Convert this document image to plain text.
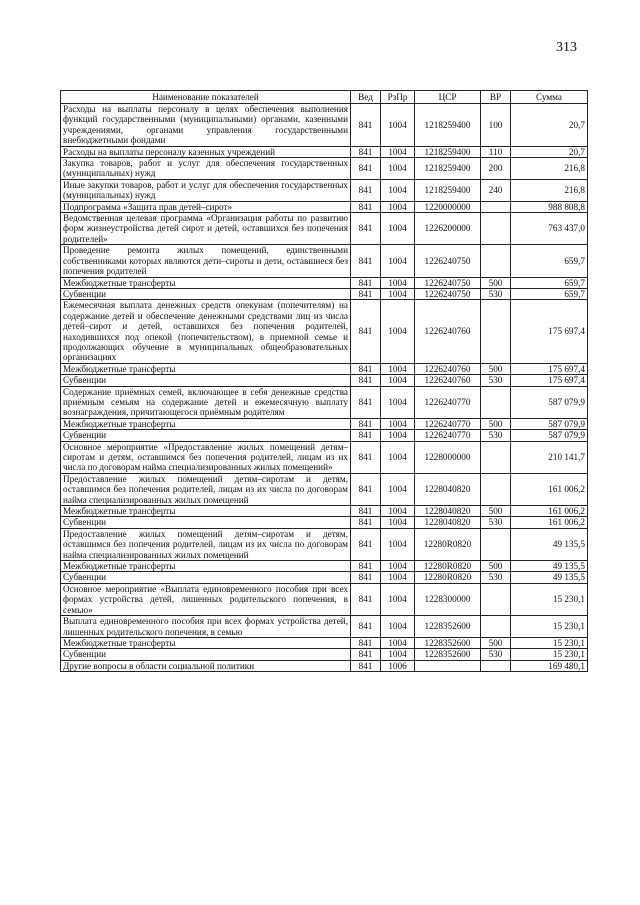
313
Наименование показателей	Вед	РзПр	ЦСР	ВР	Сумма
Расходы на выплаты персоналу в целях обеспечения выполнения функций государственными (муниципальными) органами, казенными учреждениями, органами управления государственными внебюджетными фондами	841	1004	1218259400	100	20,7
Расходы на выплаты персоналу казенных учреждений	841	1004	1218259400	110	20,7
Закупка товаров, работ и услуг для обеспечения государственных (муниципальных) нужд	841	1004	1218259400	200	216,8
Иные закупки товаров, работ и услуг для обеспечения государственных (муниципальных) нужд	841	1004	1218259400	240	216,8
Подпрограмма «Защита прав детей–сирот»	841	1004	1220000000		988 808,8
Ведомственная целевая программа «Организация работы по развитию форм жизнеустройства детей сирот и детей, оставшихся без попечения родителей»	841	1004	1226200000		763 437,0
Проведение ремонта жилых помещений, единственными собственниками которых являются дети–сироты и дети, оставшиеся без попечения родителей	841	1004	1226240750		659,7
Межбюджетные трансферты	841	1004	1226240750	500	659,7
Субвенции	841	1004	1226240750	530	659,7
Ежемесячная выплата денежных средств опекунам (попечителям) на содержание детей и обеспечение денежными средствами лиц из числа детей–сирот и детей, оставшихся без попечения родителей, находившихся под опекой (попечительством), в приемной семье и продолжающих обучение в муниципальных общеобразовательных организациях	841	1004	1226240760		175 697,4
Межбюджетные трансферты	841	1004	1226240760	500	175 697,4
Субвенции	841	1004	1226240760	530	175 697,4
Содержание приёмных семей, включающее в себя денежные средства приёмным семьям на содержание детей и ежемесячную выплату вознаграждения, причитающегося приёмным родителям	841	1004	1226240770		587 079,9
Межбюджетные трансферты	841	1004	1226240770	500	587 079,9
Субвенции	841	1004	1226240770	530	587 079,9
Основное мероприятие «Предоставление жилых помещений детям–сиротам и детям, оставшимся без попечения родителей, лицам из их числа по договорам найма специализированных жилых помещений»	841	1004	1228000000		210 141,7
Предоставление жилых помещений детям–сиротам и детям, оставшимся без попечения родителей, лицам из их числа по договорам найма специализированных жилых помещений	841	1004	1228040820		161 006,2
Межбюджетные трансферты	841	1004	1228040820	500	161 006,2
Субвенции	841	1004	1228040820	530	161 006,2
Предоставление жилых помещений детям–сиротам и детям, оставшимся без попечения родителей, лицам из их числа по договорам найма специализированных жилых помещений	841	1004	12280R0820		49 135,5
Межбюджетные трансферты	841	1004	12280R0820	500	49 135,5
Субвенции	841	1004	12280R0820	530	49 135,5
Основное мероприятие «Выплата единовременного пособия при всех формах устройства детей, лишенных родительского попечения, в семью»	841	1004	1228300000		15 230,1
Выплата единовременного пособия при всех формах устройства детей, лишенных родительского попечения, в семью	841	1004	1228352600		15 230,1
Межбюджетные трансферты	841	1004	1228352600	500	15 230,1
Субвенции	841	1004	1228352600	530	15 230,1
Другие вопросы в области социальной политики	841	1006			169 480,1
